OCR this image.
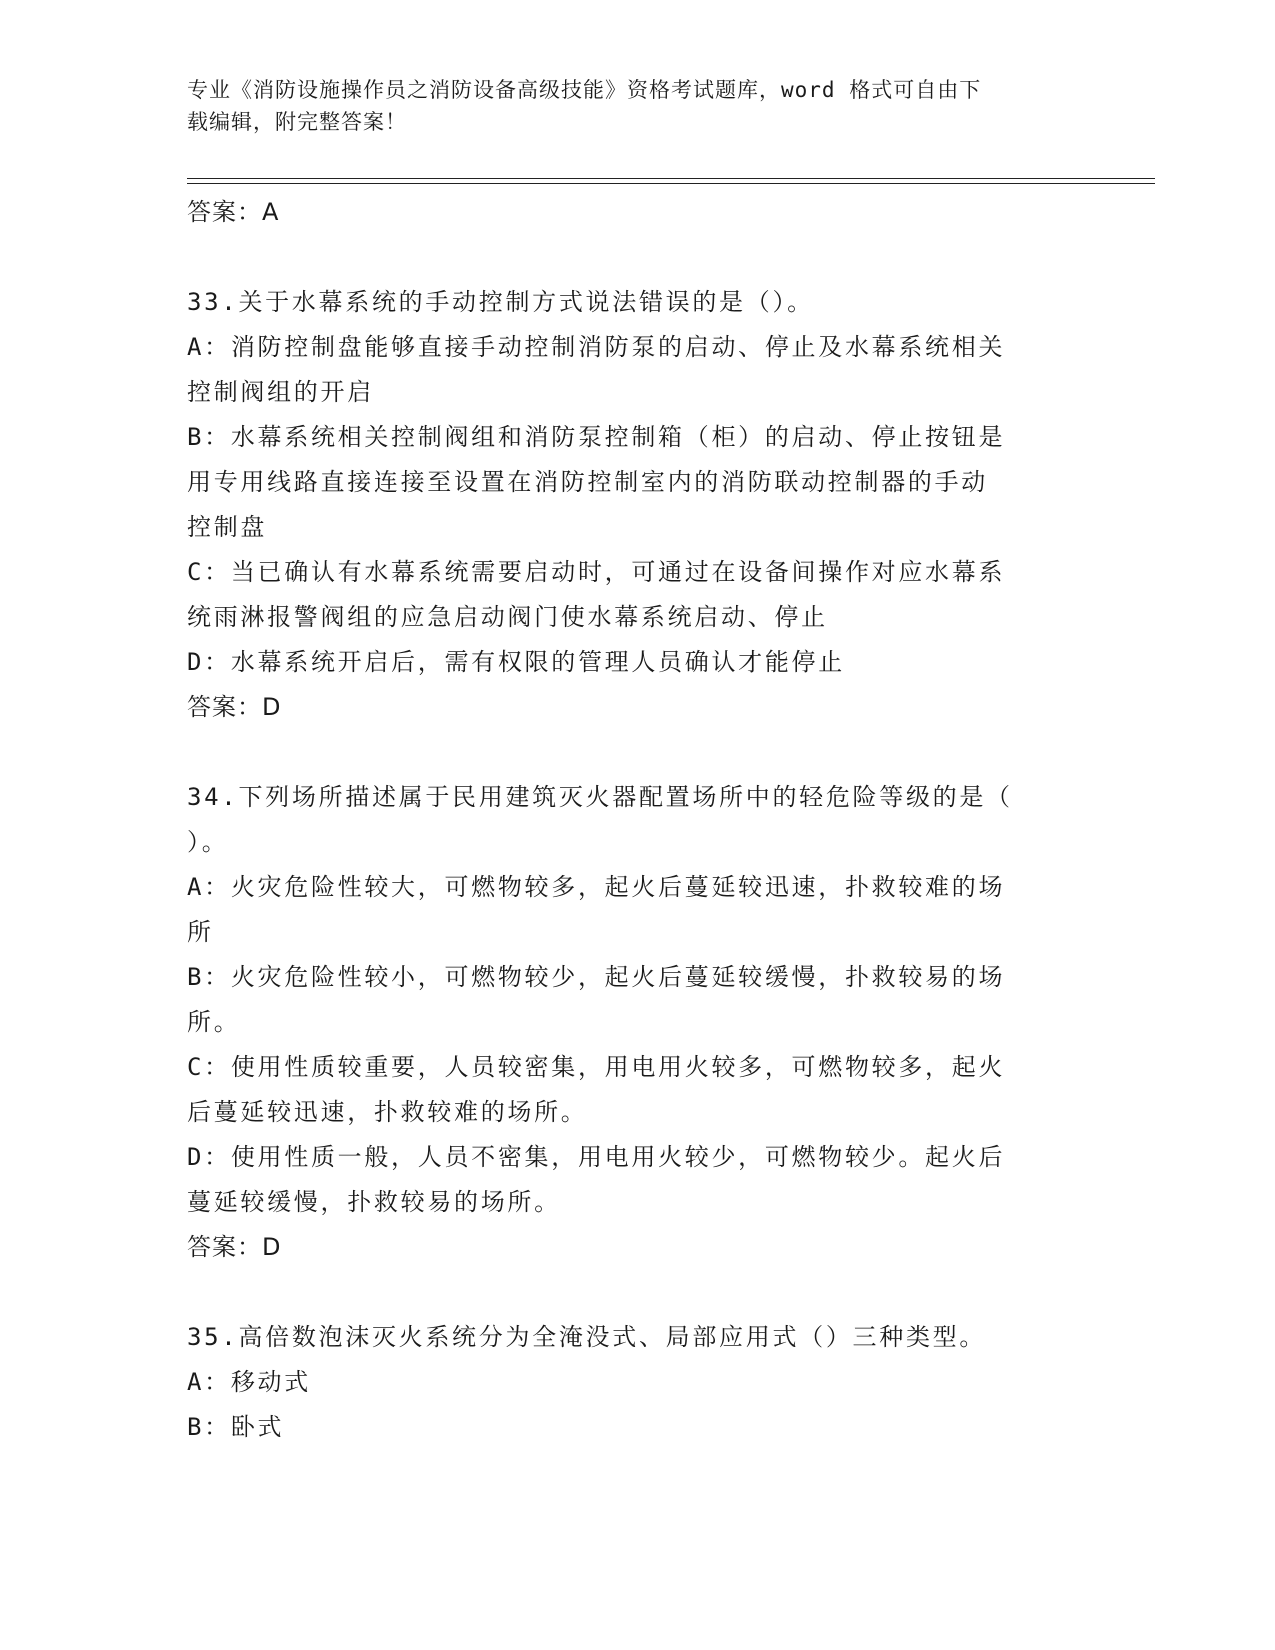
专业《消防设施操作员之消防设备高级技能》资格考试题库，word 格式可自由下
载编辑，附完整答案！
答案：A
33.关于水幕系统的手动控制方式说法错误的是（）。
A：消防控制盘能够直接手动控制消防泵的启动、停止及水幕系统相关
控制阀组的开启
B：水幕系统相关控制阀组和消防泵控制箱（柜）的启动、停止按钮是
用专用线路直接连接至设置在消防控制室内的消防联动控制器的手动
控制盘
C：当已确认有水幕系统需要启动时，可通过在设备间操作对应水幕系
统雨淋报警阀组的应急启动阀门使水幕系统启动、停止
D：水幕系统开启后，需有权限的管理人员确认才能停止
答案：D
34.下列场所描述属于民用建筑灭火器配置场所中的轻危险等级的是（
）。
A：火灾危险性较大，可燃物较多，起火后蔓延较迅速，扑救较难的场
所
B：火灾危险性较小，可燃物较少，起火后蔓延较缓慢，扑救较易的场
所。
C：使用性质较重要，人员较密集，用电用火较多，可燃物较多，起火
后蔓延较迅速，扑救较难的场所。
D：使用性质一般，人员不密集，用电用火较少，可燃物较少。起火后
蔓延较缓慢，扑救较易的场所。
答案：D
35.高倍数泡沫灭火系统分为全淹没式、局部应用式（）三种类型。
A：移动式
B：卧式
